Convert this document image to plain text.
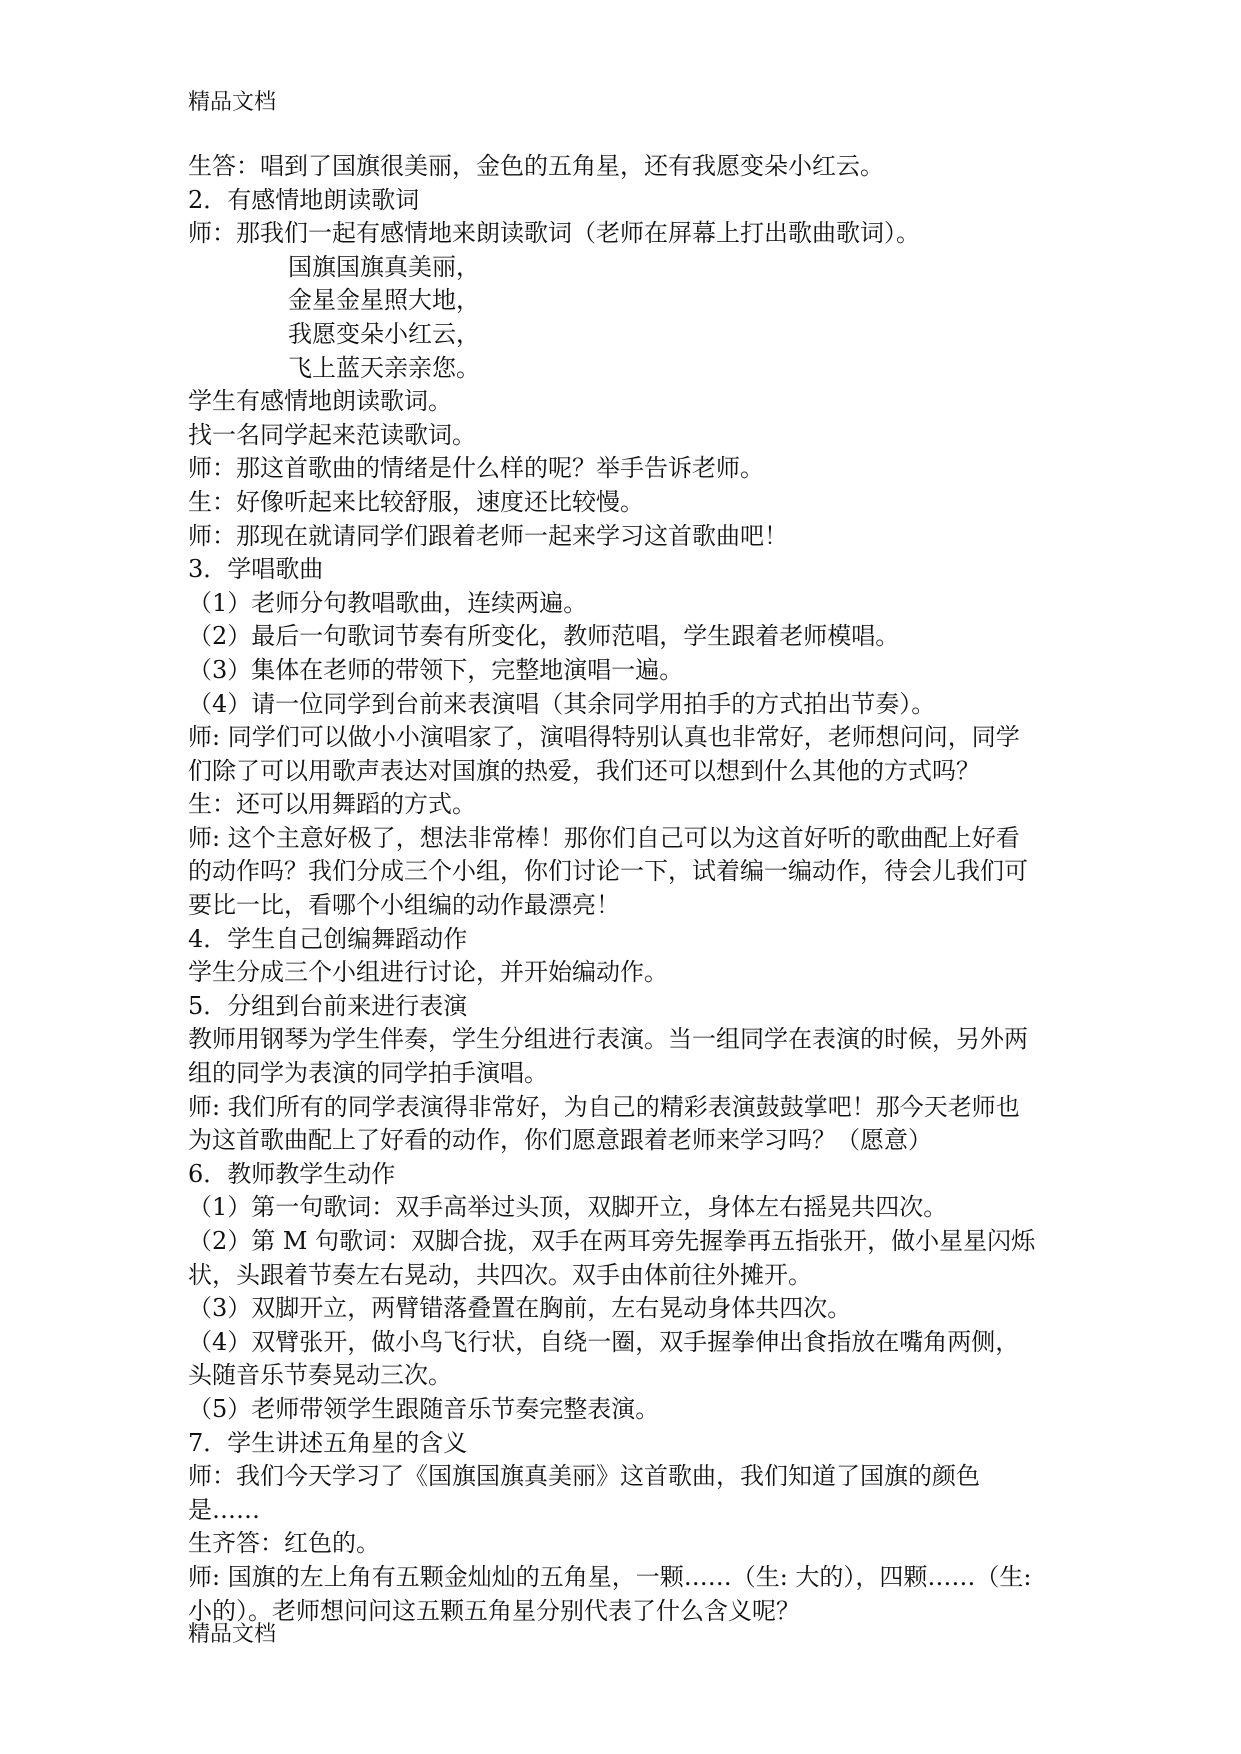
精品文档
生答：唱到了国旗很美丽，金色的五角星，还有我愿变朵小红云。
2．有感情地朗读歌词
师：那我们一起有感情地来朗读歌词（老师在屏幕上打出歌曲歌词）。
国旗国旗真美丽，
金星金星照大地，
我愿变朵小红云，
飞上蓝天亲亲您。
学生有感情地朗读歌词。
找一名同学起来范读歌词。
师：那这首歌曲的情绪是什么样的呢？举手告诉老师。
生：好像听起来比较舒服，速度还比较慢。
师：那现在就请同学们跟着老师一起来学习这首歌曲吧！
3．学唱歌曲
（1）老师分句教唱歌曲，连续两遍。
（2）最后一句歌词节奏有所变化，教师范唱，学生跟着老师模唱。
（3）集体在老师的带领下，完整地演唱一遍。
（4）请一位同学到台前来表演唱（其余同学用拍手的方式拍出节奏）。
师: 同学们可以做小小演唱家了，演唱得特别认真也非常好，老师想问问，同学
们除了可以用歌声表达对国旗的热爱，我们还可以想到什么其他的方式吗？
生：还可以用舞蹈的方式。
师: 这个主意好极了，想法非常棒！那你们自己可以为这首好听的歌曲配上好看
的动作吗？我们分成三个小组，你们讨论一下，试着编一编动作，待会儿我们可
要比一比，看哪个小组编的动作最漂亮！
4．学生自己创编舞蹈动作
学生分成三个小组进行讨论，并开始编动作。
5．分组到台前来进行表演
教师用钢琴为学生伴奏，学生分组进行表演。当一组同学在表演的时候，另外两
组的同学为表演的同学拍手演唱。
师: 我们所有的同学表演得非常好，为自己的精彩表演鼓鼓掌吧！那今天老师也
为这首歌曲配上了好看的动作，你们愿意跟着老师来学习吗？（愿意）
6．教师教学生动作
（1）第一句歌词：双手高举过头顶，双脚开立，身体左右摇晃共四次。
（2）第 M 句歌词：双脚合拢，双手在两耳旁先握拳再五指张开，做小星星闪烁
状，头跟着节奏左右晃动，共四次。双手由体前往外摊开。
（3）双脚开立，两臂错落叠置在胸前，左右晃动身体共四次。
（4）双臂张开，做小鸟飞行状，自绕一圈，双手握拳伸出食指放在嘴角两侧，
头随音乐节奏晃动三次。
（5）老师带领学生跟随音乐节奏完整表演。
7．学生讲述五角星的含义
师：我们今天学习了《国旗国旗真美丽》这首歌曲，我们知道了国旗的颜色
是……
生齐答：红色的。
师: 国旗的左上角有五颗金灿灿的五角星，一颗……（生: 大的），四颗……（生:
小的）。老师想问问这五颗五角星分别代表了什么含义呢？
精品文档
